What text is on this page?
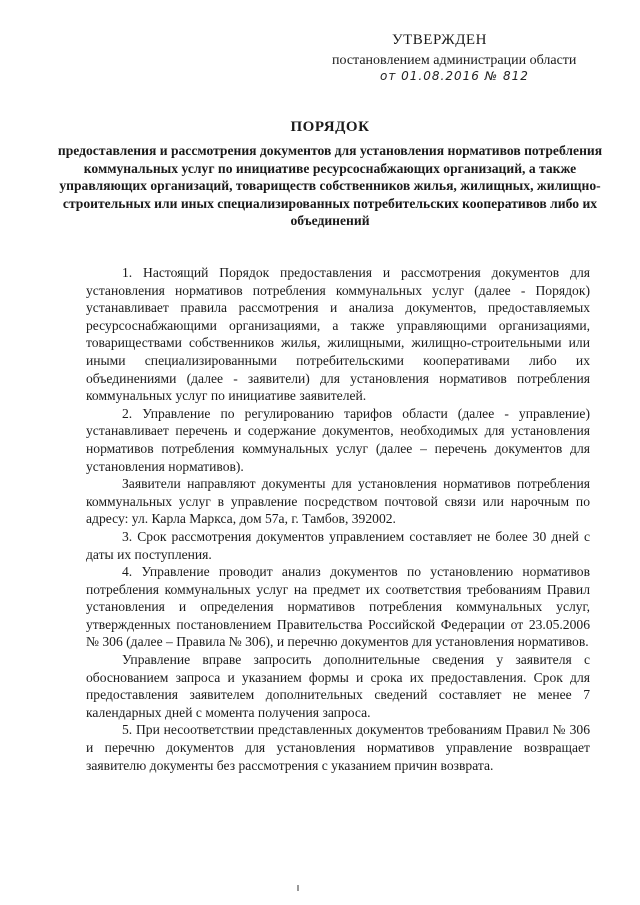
УТВЕРЖДЕН
постановлением администрации области
от 01.08.2016 № 812
ПОРЯДОК
предоставления и рассмотрения документов для установления нормативов потребления коммунальных услуг по инициативе ресурсоснабжающих организаций, а также управляющих организаций, товариществ собственников жилья, жилищных, жилищно-строительных или иных специализированных потребительских кооперативов либо их объединений

1. Настоящий Порядок предоставления и рассмотрения документов для установления нормативов потребления коммунальных услуг (далее - Порядок) устанавливает правила рассмотрения и анализа документов, предоставляемых ресурсоснабжающими организациями, а также управляющими организациями, товариществами собственников жилья, жилищными, жилищно-строительными или иными специализированными потребительскими кооперативами либо их объединениями (далее - заявители) для установления нормативов потребления коммунальных услуг по инициативе заявителей.

2. Управление по регулированию тарифов области (далее - управление) устанавливает перечень и содержание документов, необходимых для установления нормативов потребления коммунальных услуг (далее – перечень документов для установления нормативов).

Заявители направляют документы для установления нормативов потребления коммунальных услуг в управление посредством почтовой связи или нарочным по адресу: ул. Карла Маркса, дом 57а, г. Тамбов, 392002.

3. Срок рассмотрения документов управлением составляет не более 30 дней с даты их поступления.

4. Управление проводит анализ документов по установлению нормативов потребления коммунальных услуг на предмет их соответствия требованиям Правил установления и определения нормативов потребления коммунальных услуг, утвержденных постановлением Правительства Российской Федерации от 23.05.2006 № 306 (далее – Правила № 306), и перечню документов для установления нормативов.

Управление вправе запросить дополнительные сведения у заявителя с обоснованием запроса и указанием формы и срока их предоставления. Срок для предоставления заявителем дополнительных сведений составляет не менее 7 календарных дней с момента получения запроса.

5. При несоответствии представленных документов требованиям Правил № 306 и перечню документов для установления нормативов управление возвращает заявителю документы без рассмотрения с указанием причин возврата.
